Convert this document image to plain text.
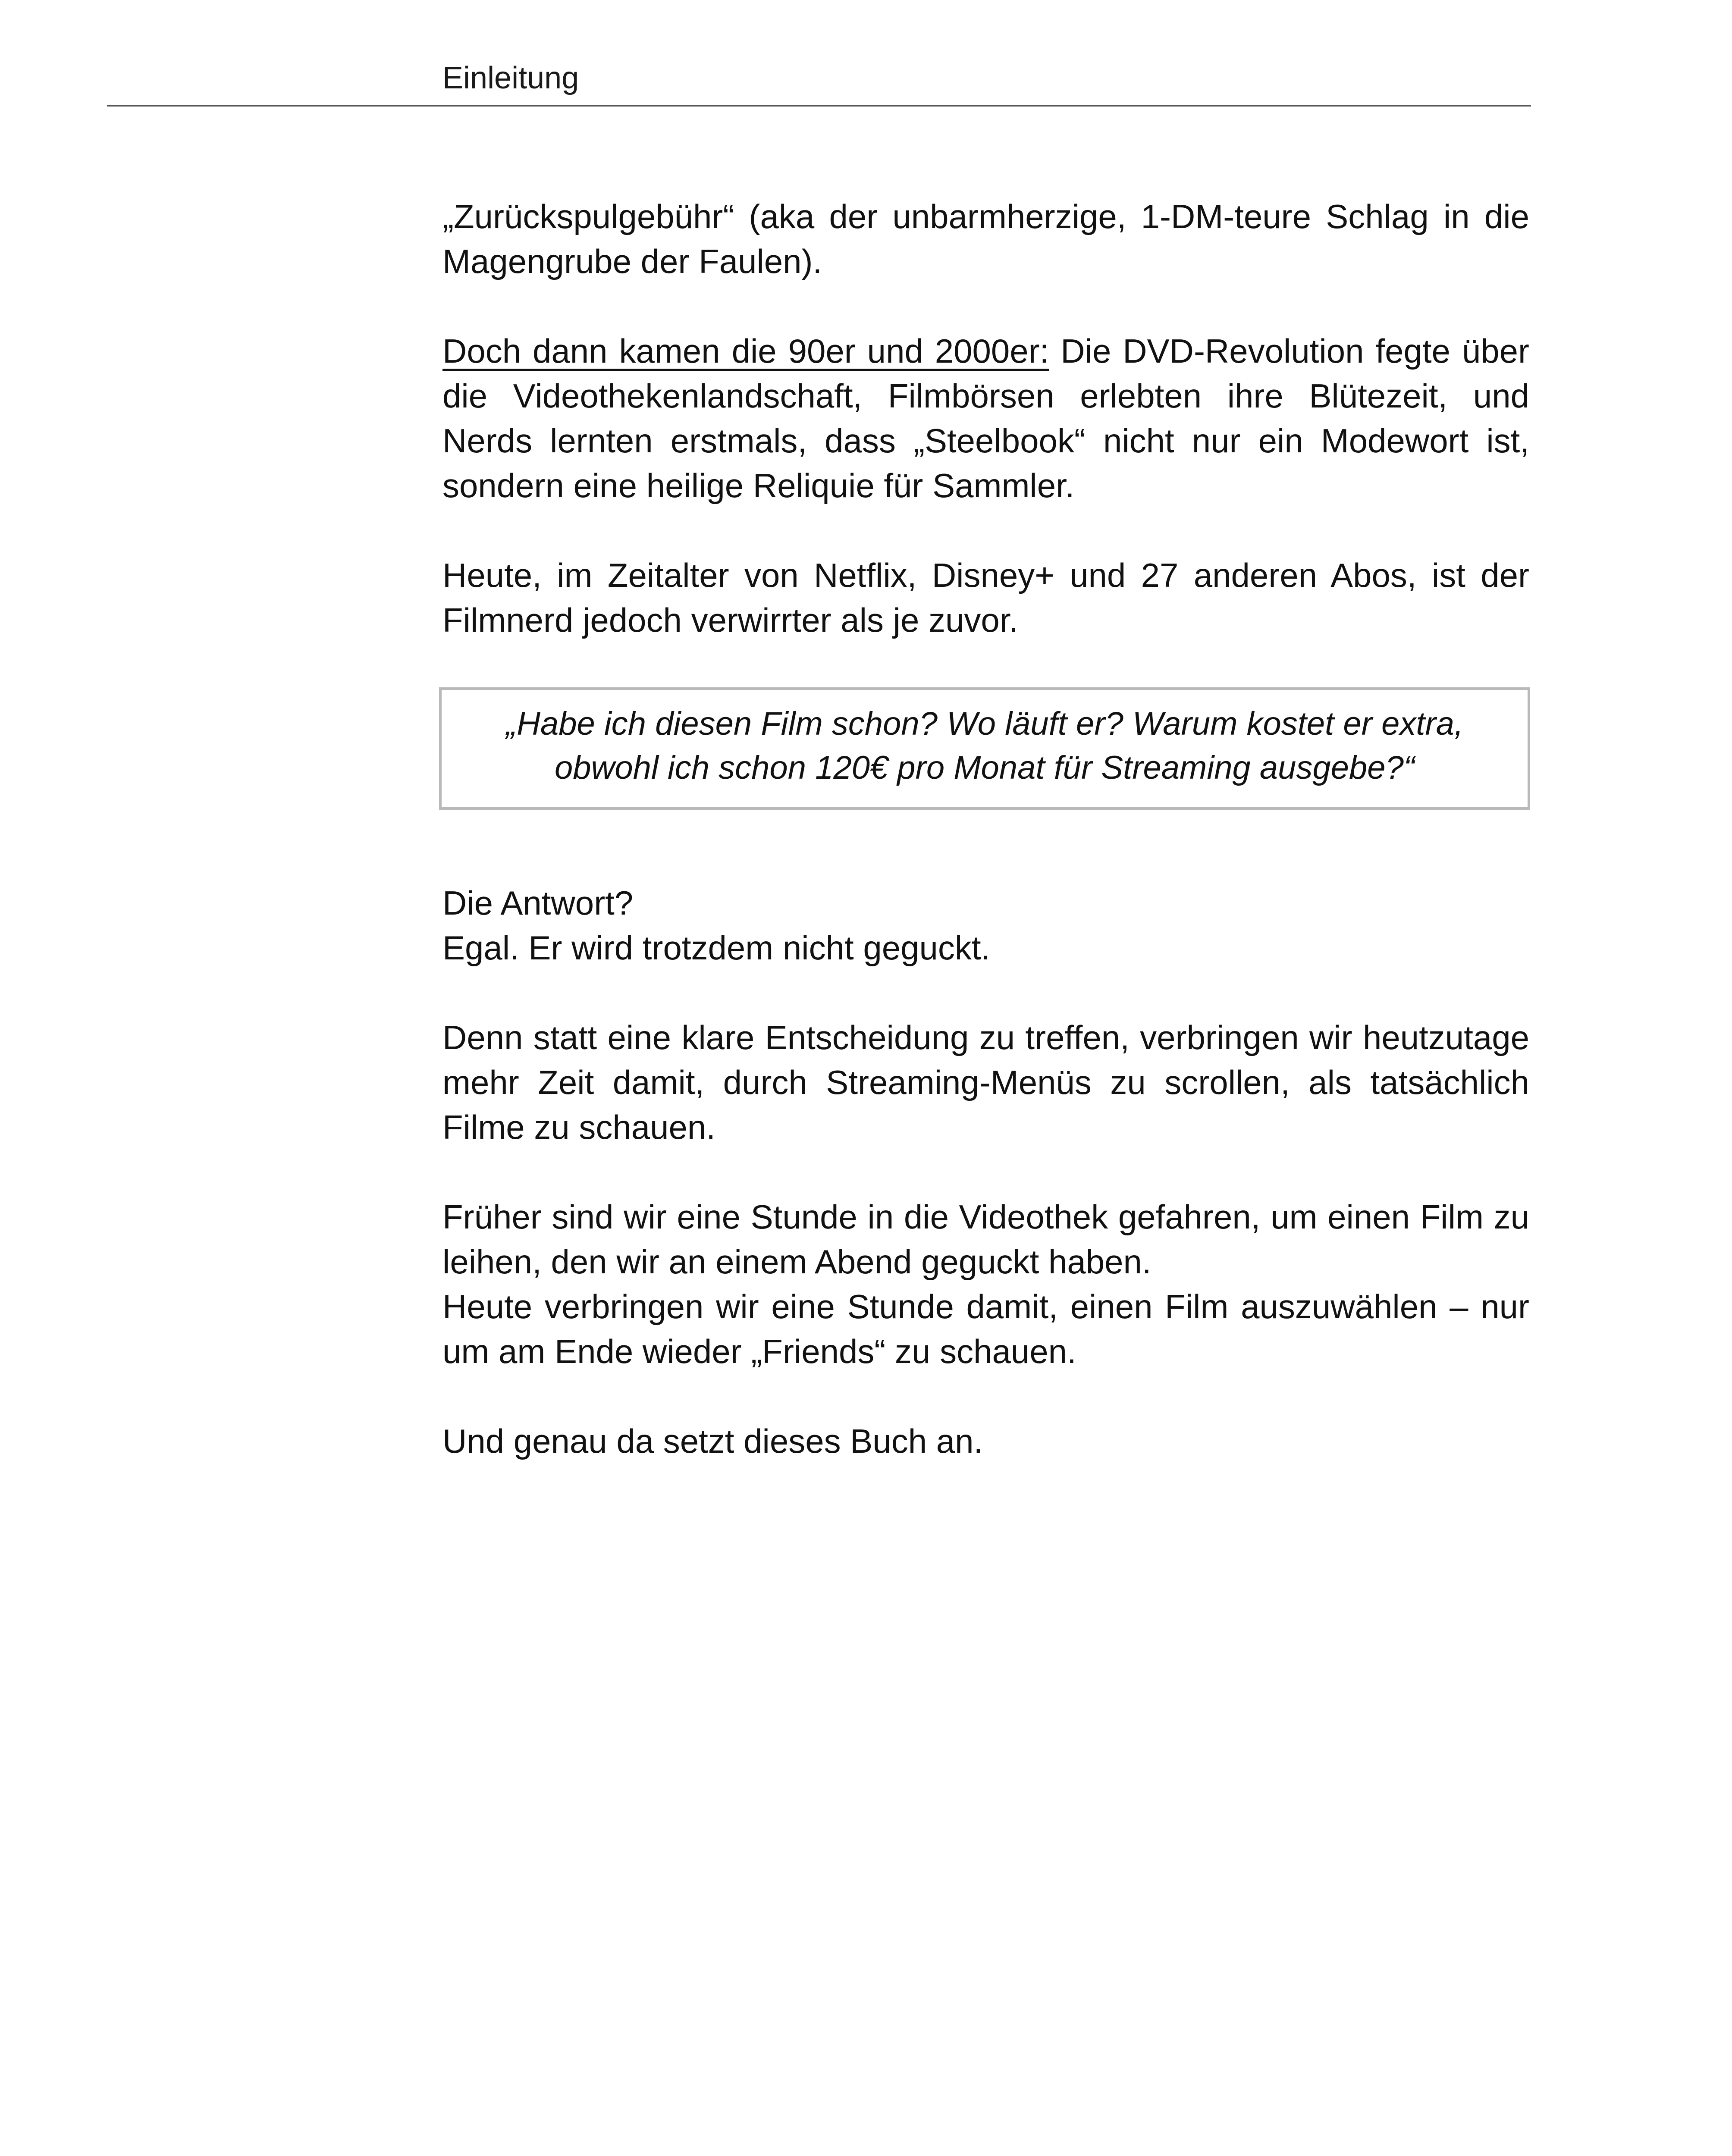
Einleitung

„Zurückspulgebühr“ (aka der unbarmherzige, 1-DM-teure Schlag in die Magengrube der Faulen).

Doch dann kamen die 90er und 2000er: Die DVD-Revolution fegte über die Videothekenlandschaft, Filmbörsen erlebten ihre Blütezeit, und Nerds lernten erstmals, dass „Steelbook“ nicht nur ein Modewort ist, sondern eine heilige Reliquie für Sammler.

Heute, im Zeitalter von Netflix, Disney+ und 27 anderen Abos, ist der Filmnerd jedoch verwirrter als je zuvor.

„Habe ich diesen Film schon? Wo läuft er? Warum kostet er extra,
obwohl ich schon 120€ pro Monat für Streaming ausgebe?“

Die Antwort?
Egal. Er wird trotzdem nicht geguckt.

Denn statt eine klare Entscheidung zu treffen, verbringen wir heutzutage mehr Zeit damit, durch Streaming-Menüs zu scrollen, als tatsächlich Filme zu schauen.

Früher sind wir eine Stunde in die Videothek gefahren, um einen Film zu leihen, den wir an einem Abend geguckt haben.

Heute verbringen wir eine Stunde damit, einen Film auszuwählen – nur um am Ende wieder „Friends“ zu schauen.

Und genau da setzt dieses Buch an.
